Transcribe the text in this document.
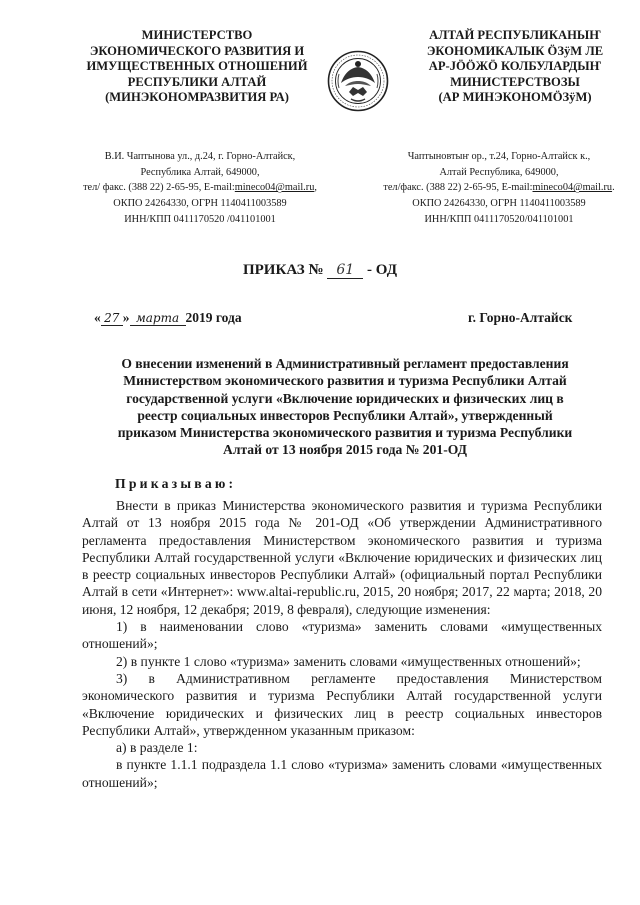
МИНИСТЕРСТВО
ЭКОНОМИЧЕСКОГО РАЗВИТИЯ И
ИМУЩЕСТВЕННЫХ ОТНОШЕНИЙ
РЕСПУБЛИКИ АЛТАЙ
(МИНЭКОНОМРАЗВИТИЯ РА)
АЛТАЙ РЕСПУБЛИКАНЫҤ
ЭКОНОМИКАЛЫК ÖЗÿМ ЛЕ
АР-JÖÖЖÖ КОЛБУЛАРДЫҤ
МИНИСТЕРСТВОЗЫ
(АР МИНЭКОНОМÖЗÿМ)
В.И. Чаптынова ул., д.24, г. Горно-Алтайск,
Республика Алтай, 649000,
тел/ факс. (388 22) 2-65-95, E-mail:mineco04@mail.ru,
ОКПО 24264330, ОГРН 1140411003589
ИНН/КПП 0411170520 /041101001
Чаптыновтыҥ ор., т.24, Горно-Алтайск к.,
Алтай Республика, 649000,
тел/факс. (388 22) 2-65-95, E-mail:mineco04@mail.ru.
ОКПО 24264330, ОГРН 1140411003589
ИНН/КПП 0411170520/041101001
ПРИКАЗ № 61 - ОД
« 27 » марта 2019 года	г. Горно-Алтайск
О внесении изменений в Административный регламент предоставления
Министерством экономического развития и туризма Республики Алтай
государственной услуги «Включение юридических и физических лиц в
реестр социальных инвесторов Республики Алтай», утвержденный
приказом Министерства экономического развития и туризма Республики
Алтай от 13 ноября 2015 года № 201-ОД
Приказываю:

Внести в приказ Министерства экономического развития и туризма Республики Алтай от 13 ноября 2015 года № 201-ОД «Об утверждении Административного регламента предоставления Министерством экономического развития и туризма Республики Алтай государственной услуги «Включение юридических и физических лиц в реестр социальных инвесторов Республики Алтай» (официальный портал Республики Алтай в сети «Интернет»: www.altai-republic.ru, 2015, 20 ноября; 2017, 22 марта; 2018, 20 июня, 12 ноября, 12 декабря; 2019, 8 февраля), следующие изменения:

1) в наименовании слово «туризма» заменить словами «имущественных отношений»;

2) в пункте 1 слово «туризма» заменить словами «имущественных отношений»;

3) в Административном регламенте предоставления Министерством экономического развития и туризма Республики Алтай государственной услуги «Включение юридических и физических лиц в реестр социальных инвесторов Республики Алтай», утвержденном указанным приказом:

а) в разделе 1:

в пункте 1.1.1 подраздела 1.1 слово «туризма» заменить словами «имущественных отношений»;
